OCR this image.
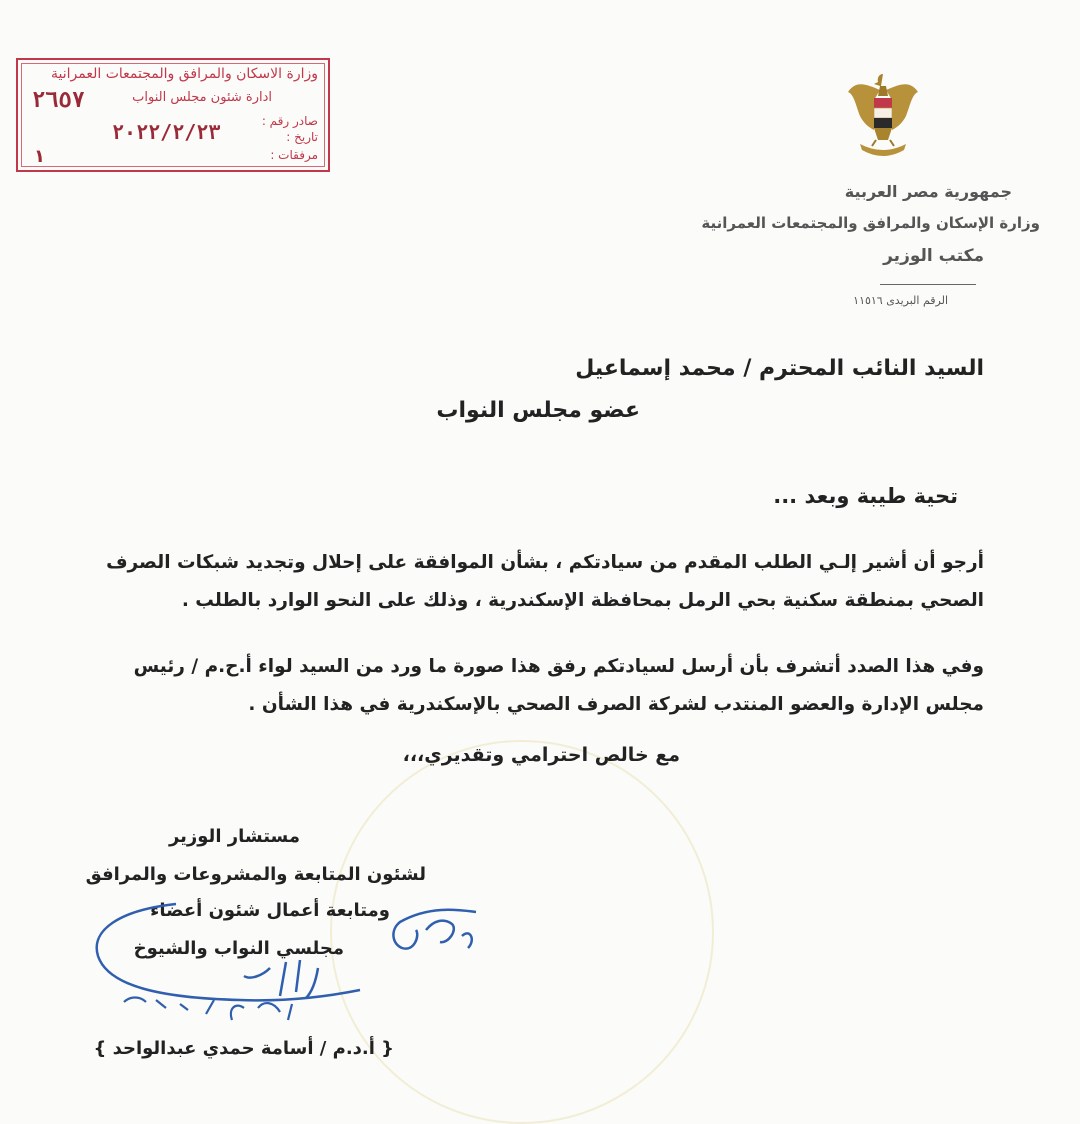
وزارة الاسكان والمرافق والمجتمعات العمرانية
ادارة شئون مجلس النواب
صادر رقم :
تاريخ :
مرفقات :
٢٦٥٧
٢٠٢٢/٢/٢٣
١
جمهورية مصر العربية
وزارة الإسكان والمرافق والمجتمعات العمرانية
مكتب الوزير
الرقم البريدى ١١٥١٦
السيد النائب المحترم / محمد إسماعيل
عضو مجلس النواب
تحية طيبة وبعد ...
أرجو أن أشير إلـي الطلب المقدم من سيادتكم ، بشأن الموافقة على إحلال وتجديد شبكات الصرف
الصحي بمنطقة سكنية بحي الرمل بمحافظة الإسكندرية ، وذلك على النحو الوارد بالطلب .
وفي هذا الصدد أتشرف بأن أرسل لسيادتكم رفق هذا صورة ما ورد من السيد لواء أ.ح.م / رئيس
مجلس الإدارة والعضو المنتدب لشركة الصرف الصحي بالإسكندرية في هذا الشأن .
مع خالص احترامي وتقديري،،،
مستشار الوزير
لشئون المتابعة والمشروعات والمرافق
ومتابعة أعمال شئون أعضاء
مجلسي النواب والشيوخ
{ أ.د.م / أسامة حمدي عبدالواحد }
